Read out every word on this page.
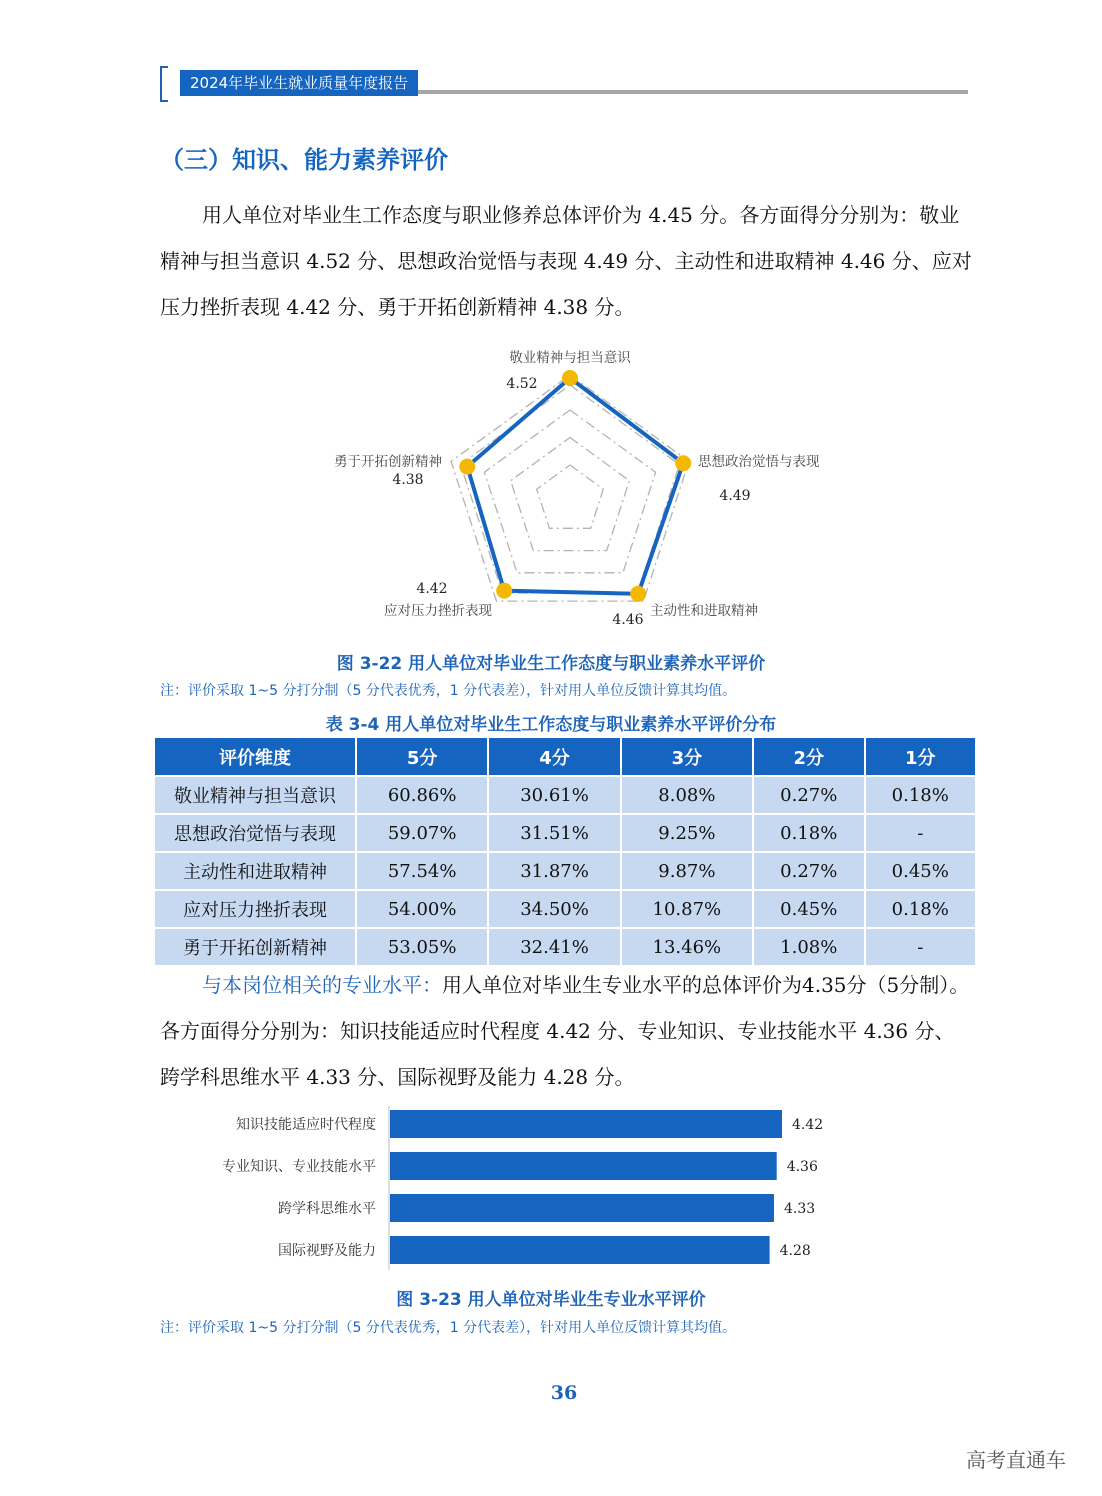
2024年毕业生就业质量年度报告
（三）知识、能力素养评价
用人单位对毕业生工作态度与职业修养总体评价为 4.45 分。各方面得分分别为：敬业精神与担当意识 4.52 分、思想政治觉悟与表现 4.49 分、主动性和进取精神 4.46 分、应对压力挫折表现 4.42 分、勇于开拓创新精神 4.38 分。
敬业精神与担当意识
思想政治觉悟与表现
主动性和进取精神
应对压力挫折表现
勇于开拓创新精神
4.52
4.49
4.46
4.42
4.38
图 3-22 用人单位对毕业生工作态度与职业素养水平评价
注：评价采取 1~5 分打分制（5 分代表优秀，1 分代表差），针对用人单位反馈计算其均值。
表 3-4 用人单位对毕业生工作态度与职业素养水平评价分布
评价维度	5分	4分	3分	2分	1分
敬业精神与担当意识	60.86%	30.61%	8.08%	0.27%	0.18%
思想政治觉悟与表现	59.07%	31.51%	9.25%	0.18%	-
主动性和进取精神	57.54%	31.87%	9.87%	0.27%	0.45%
应对压力挫折表现	54.00%	34.50%	10.87%	0.45%	0.18%
勇于开拓创新精神	53.05%	32.41%	13.46%	1.08%	-
与本岗位相关的专业水平：用人单位对毕业生专业水平的总体评价为4.35分（5分制）。各方面得分分别为：知识技能适应时代程度 4.42 分、专业知识、专业技能水平 4.36 分、跨学科思维水平 4.33 分、国际视野及能力 4.28 分。
知识技能适应时代程度
专业知识、专业技能水平
跨学科思维水平
国际视野及能力
4.42
4.36
4.33
4.28
图 3-23 用人单位对毕业生专业水平评价
注：评价采取 1~5 分打分制（5 分代表优秀，1 分代表差），针对用人单位反馈计算其均值。
36
高考直通车
